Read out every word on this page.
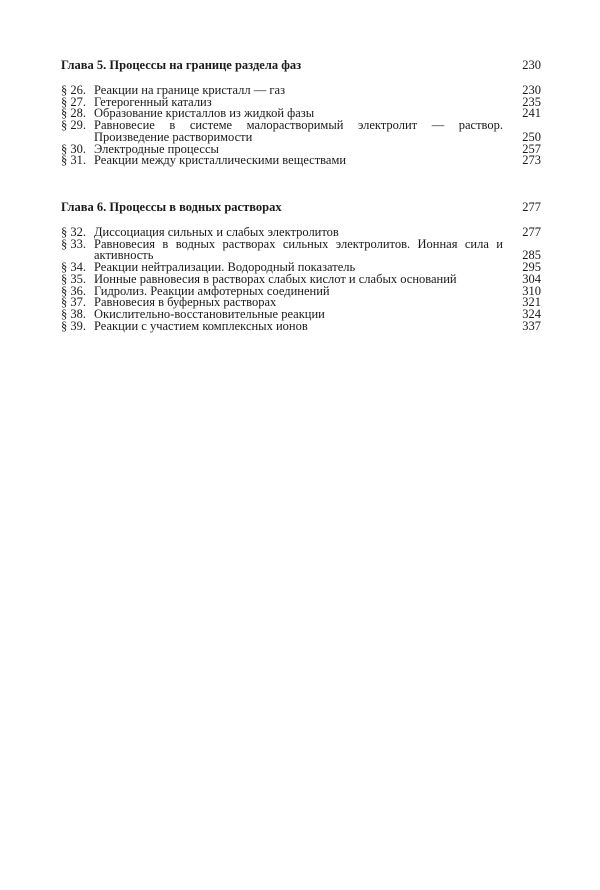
Глава 5. Процессы на границе раздела фаз	230
§ 26. Реакции на границе кристалл — газ	230
§ 27. Гетерогенный катализ	235
§ 28. Образование кристаллов из жидкой фазы	241
§ 29. Равновесие в системе малорастворимый электролит — раствор. Произведение растворимости	250
§ 30. Электродные процессы	257
§ 31. Реакции между кристаллическими веществами	273
Глава 6. Процессы в водных растворах	277
§ 32. Диссоциация сильных и слабых электролитов	277
§ 33. Равновесия в водных растворах сильных электролитов. Ионная сила и активность	285
§ 34. Реакции нейтрализации. Водородный показатель	295
§ 35. Ионные равновесия в растворах слабых кислот и слабых оснований	304
§ 36. Гидролиз. Реакции амфотерных соединений	310
§ 37. Равновесия в буферных растворах	321
§ 38. Окислительно-восстановительные реакции	324
§ 39. Реакции с участием комплексных ионов	337
